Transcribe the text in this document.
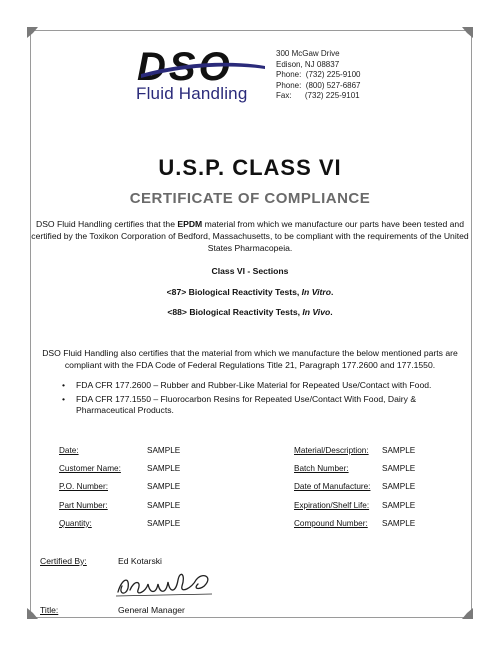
DSO
Fluid Handling
300 McGaw Drive
Edison, NJ 08837
Phone:  (732) 225-9100
Phone:  (800) 527-6867
Fax:      (732) 225-9101
U.S.P. CLASS VI
CERTIFICATE OF COMPLIANCE
DSO Fluid Handling certifies that the EPDM material from which we manufacture our parts have been tested and certified by the Toxikon Corporation of Bedford, Massachusetts, to be compliant with the requirements of the United States Pharmacopeia.
Class VI - Sections
<87> Biological Reactivity Tests, In Vitro.
<88> Biological Reactivity Tests, In Vivo.
DSO Fluid Handling also certifies that the material from which we manufacture the below mentioned parts are compliant with the FDA Code of Federal Regulations Title 21, Paragraph 177.2600 and 177.1550.
• FDA CFR 177.2600 – Rubber and Rubber-Like Material for Repeated Use/Contact with Food.
• FDA CFR 177.1550 – Fluorocarbon Resins for Repeated Use/Contact With Food, Dairy & Pharmaceutical Products.
Date:	SAMPLE
Customer Name:	SAMPLE
P.O. Number:	SAMPLE
Part Number:	SAMPLE
Quantity:	SAMPLE
Material/Description: SAMPLE
Batch Number:	SAMPLE
Date of Manufacture: SAMPLE
Expiration/Shelf Life: SAMPLE
Compound Number: SAMPLE
Certified By:	Ed Kotarski
Title:	General Manager
